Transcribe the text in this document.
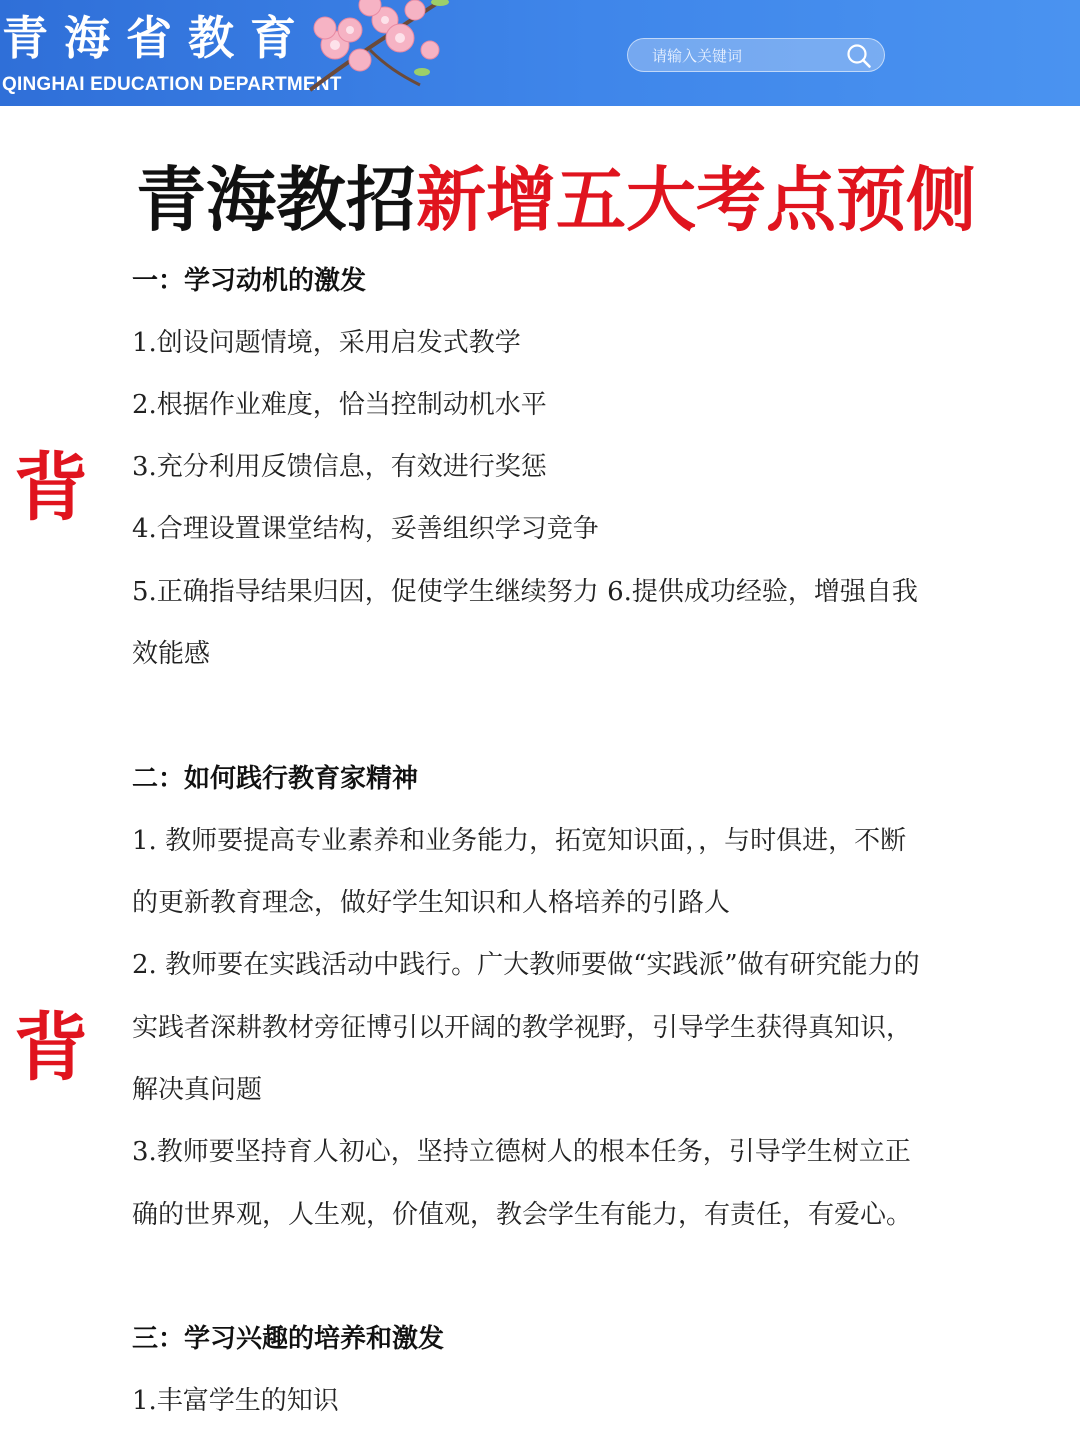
青海省教育
QINGHAI EDUCATION DEPARTMENT
请输入关键词
青海教招新增五大考点预侧
背
背
一：学习动机的激发
1.创设问题情境，采用启发式教学
2.根据作业难度，恰当控制动机水平
3.充分利用反馈信息，有效进行奖惩
4.合理设置课堂结构，妥善组织学习竞争
5.正确指导结果归因，促使学生继续努力 6.提供成功经验，增强自我
效能感
二：如何践行教育家精神
1. 教师要提高专业素养和业务能力，拓宽知识面，，与时俱进，不断
的更新教育理念，做好学生知识和人格培养的引路人
2. 教师要在实践活动中践行。广大教师要做“实践派”做有研究能力的
实践者深耕教材旁征博引以开阔的教学视野，引导学生获得真知识，
解决真问题
3.教师要坚持育人初心，坚持立德树人的根本任务，引导学生树立正
确的世界观，人生观，价值观，教会学生有能力，有责任，有爱心。
三：学习兴趣的培养和激发
1.丰富学生的知识
